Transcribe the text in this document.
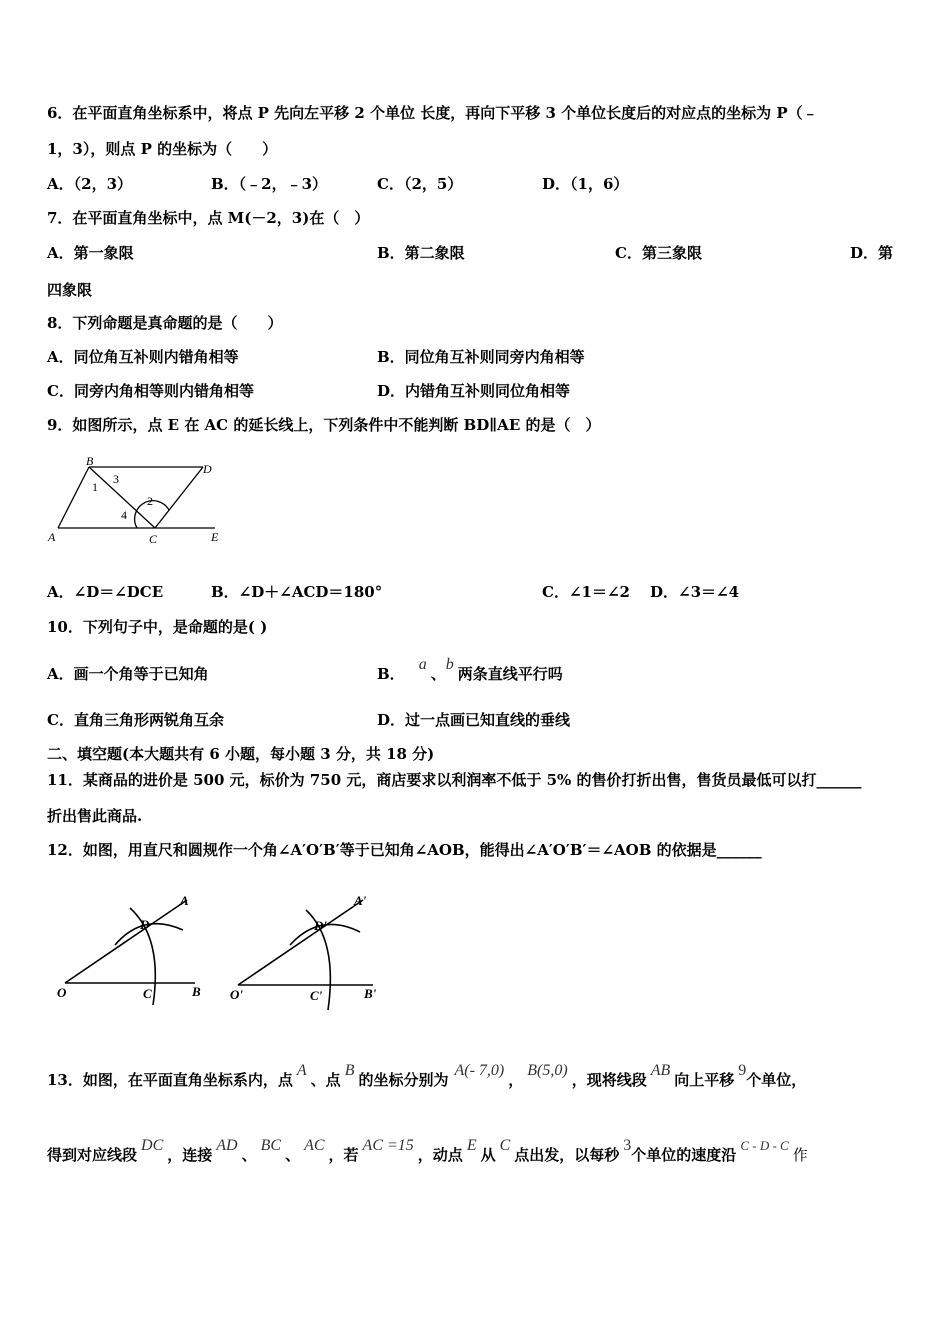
6．在平面直角坐标系中，将点 P 先向左平移 2 个单位 长度，再向下平移 3 个单位长度后的对应点的坐标为 P（﹣
1，3），则点 P 的坐标为（　　）
A．（2，3）	B．（﹣2，﹣3）	C．（2，5）	D．（1，6）
7．在平面直角坐标中，点 M(－2，3)在（　）
A．第一象限	B．第二象限	C．第三象限	D．第
四象限
8．下列命题是真命题的是（　　）
A．同位角互补则内错角相等	B．同位角互补则同旁内角相等
C．同旁内角相等则内错角相等	D．内错角互补则同位角相等
9．如图所示，点 E 在 AC 的延长线上，下列条件中不能判断 BD∥AE 的是（　）
B
D
A	C	E
1
2
3
4
A．∠D＝∠DCE	B．∠D＋∠ACD＝180°	C．∠1＝∠2 D．∠3＝∠4
10．下列句子中，是命题的是( )
A．画一个角等于已知角	B．a、b两条直线平行吗
C．直角三角形两锐角互余	D．过一点画已知直线的垂线
二、填空题(本大题共有 6 小题，每小题 3 分，共 18 分)
11．某商品的进价是 500 元，标价为 750 元，商店要求以利润率不低于 5% 的售价打折出售，售货员最低可以打______
折出售此商品.
12．如图，用直尺和圆规作一个角∠A′O′B′等于已知角∠AOB，能得出∠A′O′B′＝∠AOB 的依据是______
O	C	B
D
A
O'	C'	B'
D'
A'
13．如图，在平面直角坐标系内，点A、点B的坐标分别为A(- 7,0)，B(5,0)，现将线段AB向上平移9个单位，
得到对应线段DC，连接AD、BC、AC，若AC =15，动点E从C点出发，以每秒3个单位的速度沿C - D - C作
